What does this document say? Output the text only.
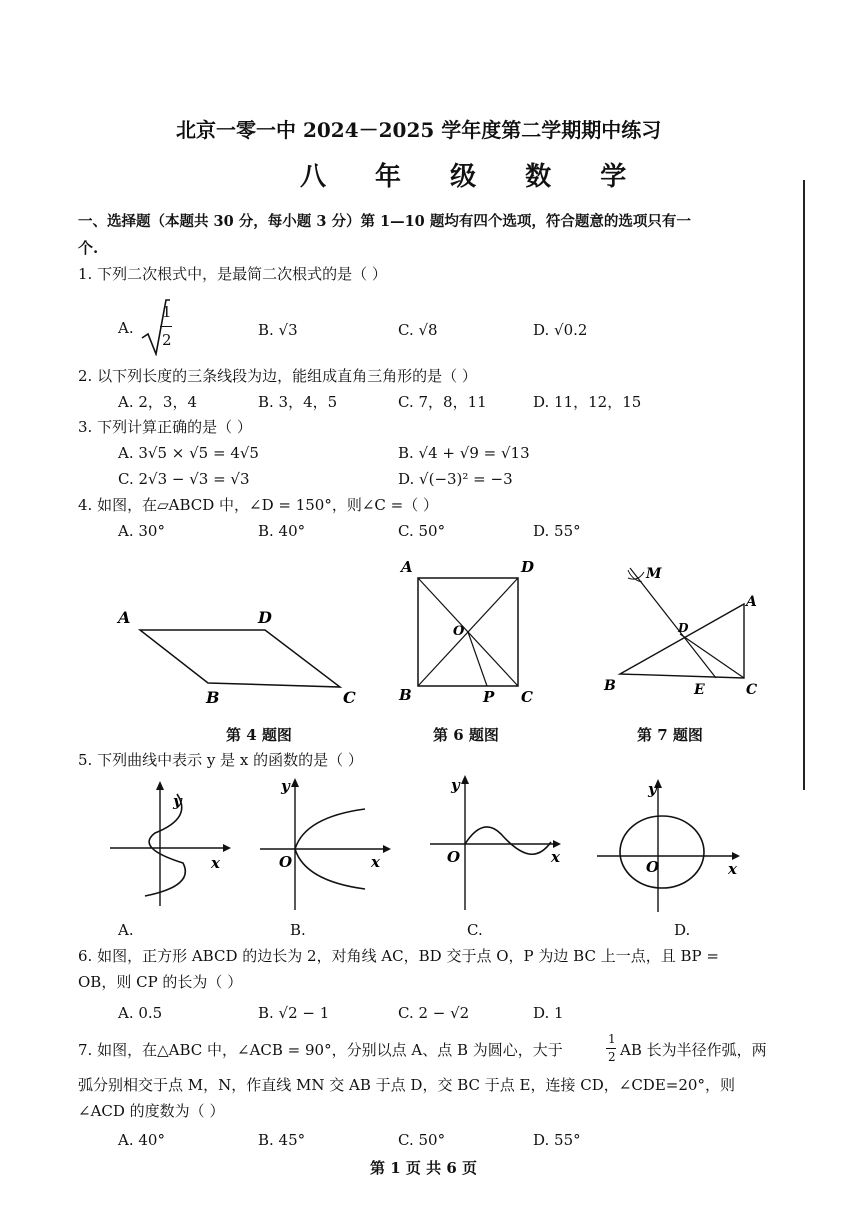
北京一零一中 2024－2025 学年度第二学期期中练习
八 年 级 数 学
一、选择题（本题共 30 分，每小题 3 分）第 1—10 题均有四个选项，符合题意的选项只有一
个.
1. 下列二次根式中，是最简二次根式的是（ ）
A.
1
2
B. √3	C. √8	D. √0.2
2. 以下列长度的三条线段为边，能组成直角三角形的是（ ）
A. 2，3，4	B. 3，4，5	C. 7，8，11	D. 11，12，15
3. 下列计算正确的是（ ）
A. 3√5 × √5 = 4√5	B. √4 + √9 = √13
C. 2√3 − √3 = √3	D. √(−3)² = −3
4. 如图，在▱ABCD 中，∠D = 150°，则∠C =（ ）
A. 30°	B. 40°	C. 50°	D. 55°
A	D
B	C
第 4 题图
A	D
O
B	P C
第 6 题图
M
A
D
B	E	C
第 7 题图
5. 下列曲线中表示 y 是 x 的函数的是（ ）
y
x
A.
y
O	x
B.
y
O	x
C.
y
O	x
D.
6. 如图，正方形 ABCD 的边长为 2，对角线 AC，BD 交于点 O，P 为边 BC 上一点，且 BP =
OB，则 CP 的长为（ ）
A. 0.5	B. √2 − 1	C. 2 − √2	D. 1
7. 如图，在△ABC 中，∠ACB = 90°，分别以点 A、点 B 为圆心，大于
1
2 AB 长为半径作弧，两
弧分别相交于点 M，N，作直线 MN 交 AB 于点 D，交 BC 于点 E，连接 CD，∠CDE=20°，则
∠ACD 的度数为（ ）
A. 40°	B. 45°	C. 50°	D. 55°
第 1 页 共 6 页
